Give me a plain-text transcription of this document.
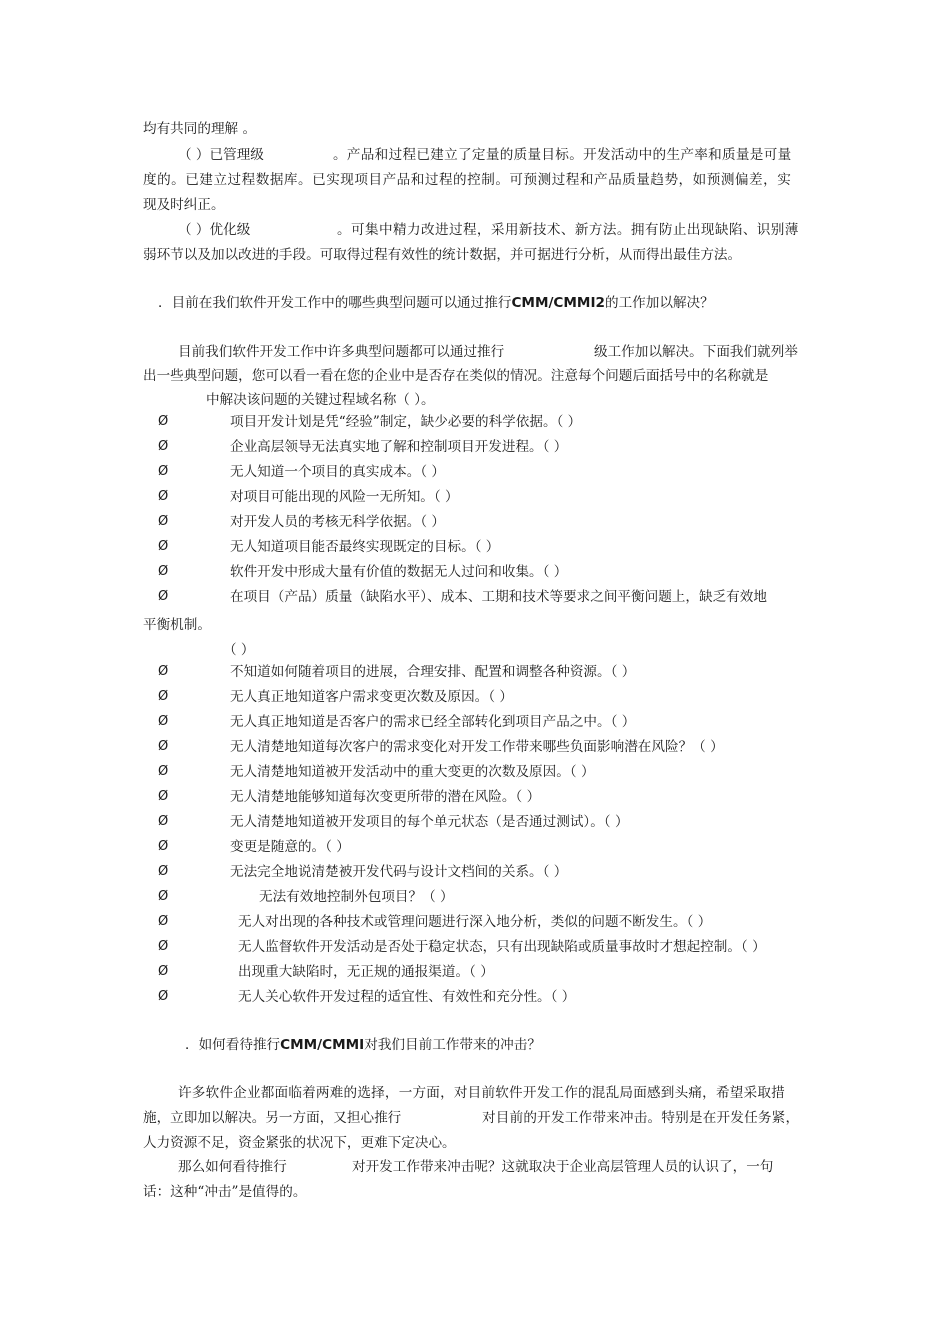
均有共同的理解 。
（ ）已管理级	。产品和过程已建立了定量的质量目标。开发活动中的生产率和质量是可量
度的。已建立过程数据库。已实现项目产品和过程的控制。可预测过程和产品质量趋势，如预测偏差，实
现及时纠正。
（ ）优化级	。可集中精力改进过程，采用新技术、新方法。拥有防止出现缺陷、识别薄
弱环节以及加以改进的手段。可取得过程有效性的统计数据，并可据进行分析，从而得出最佳方法。
．目前在我们软件开发工作中的哪些典型问题可以通过推行CMM/CMMI2的工作加以解决？
目前我们软件开发工作中许多典型问题都可以通过推行	级工作加以解决。下面我们就列举
出一些典型问题，您可以看一看在您的企业中是否存在类似的情况。注意每个问题后面括号中的名称就是
中解决该问题的关键过程域名称（ ）。
Ø	项目开发计划是凭“经验”制定，缺少必要的科学依据。（ ）
Ø	企业高层领导无法真实地了解和控制项目开发进程。（ ）
Ø	无人知道一个项目的真实成本。（ ）
Ø	对项目可能出现的风险一无所知。（ ）
Ø	对开发人员的考核无科学依据。（ ）
Ø	无人知道项目能否最终实现既定的目标。（ ）
Ø	软件开发中形成大量有价值的数据无人过问和收集。（ ）
Ø	在项目（产品）质量（缺陷水平）、成本、工期和技术等要求之间平衡问题上，缺乏有效地
Ø	不知道如何随着项目的进展，合理安排、配置和调整各种资源。（ ）
Ø	无人真正地知道客户需求变更次数及原因。（ ）
Ø	无人真正地知道是否客户的需求已经全部转化到项目产品之中。（ ）
Ø	无人清楚地知道每次客户的需求变化对开发工作带来哪些负面影响潜在风险？（ ）
Ø	无人清楚地知道被开发活动中的重大变更的次数及原因。（ ）
Ø	无人清楚地能够知道每次变更所带的潜在风险。（ ）
Ø	无人清楚地知道被开发项目的每个单元状态（是否通过测试）。（ ）
Ø	变更是随意的。（ ）
Ø	无法完全地说清楚被开发代码与设计文档间的关系。（ ）
Ø	无法有效地控制外包项目？（ ）
Ø	无人对出现的各种技术或管理问题进行深入地分析，类似的问题不断发生。（ ）
Ø	无人监督软件开发活动是否处于稳定状态，只有出现缺陷或质量事故时才想起控制。（ ）
Ø	出现重大缺陷时，无正规的通报渠道。（ ）
Ø	无人关心软件开发过程的适宜性、有效性和充分性。（ ）
平衡机制。
（ ）
．如何看待推行CMM/CMMI对我们目前工作带来的冲击？
许多软件企业都面临着两难的选择，一方面，对目前软件开发工作的混乱局面感到头痛，希望采取措
施，立即加以解决。另一方面，又担心推行	对目前的开发工作带来冲击。特别是在开发任务紧，
人力资源不足，资金紧张的状况下，更难下定决心。
那么如何看待推行	对开发工作带来冲击呢？这就取决于企业高层管理人员的认识了，一句
话：这种“冲击”是值得的。
